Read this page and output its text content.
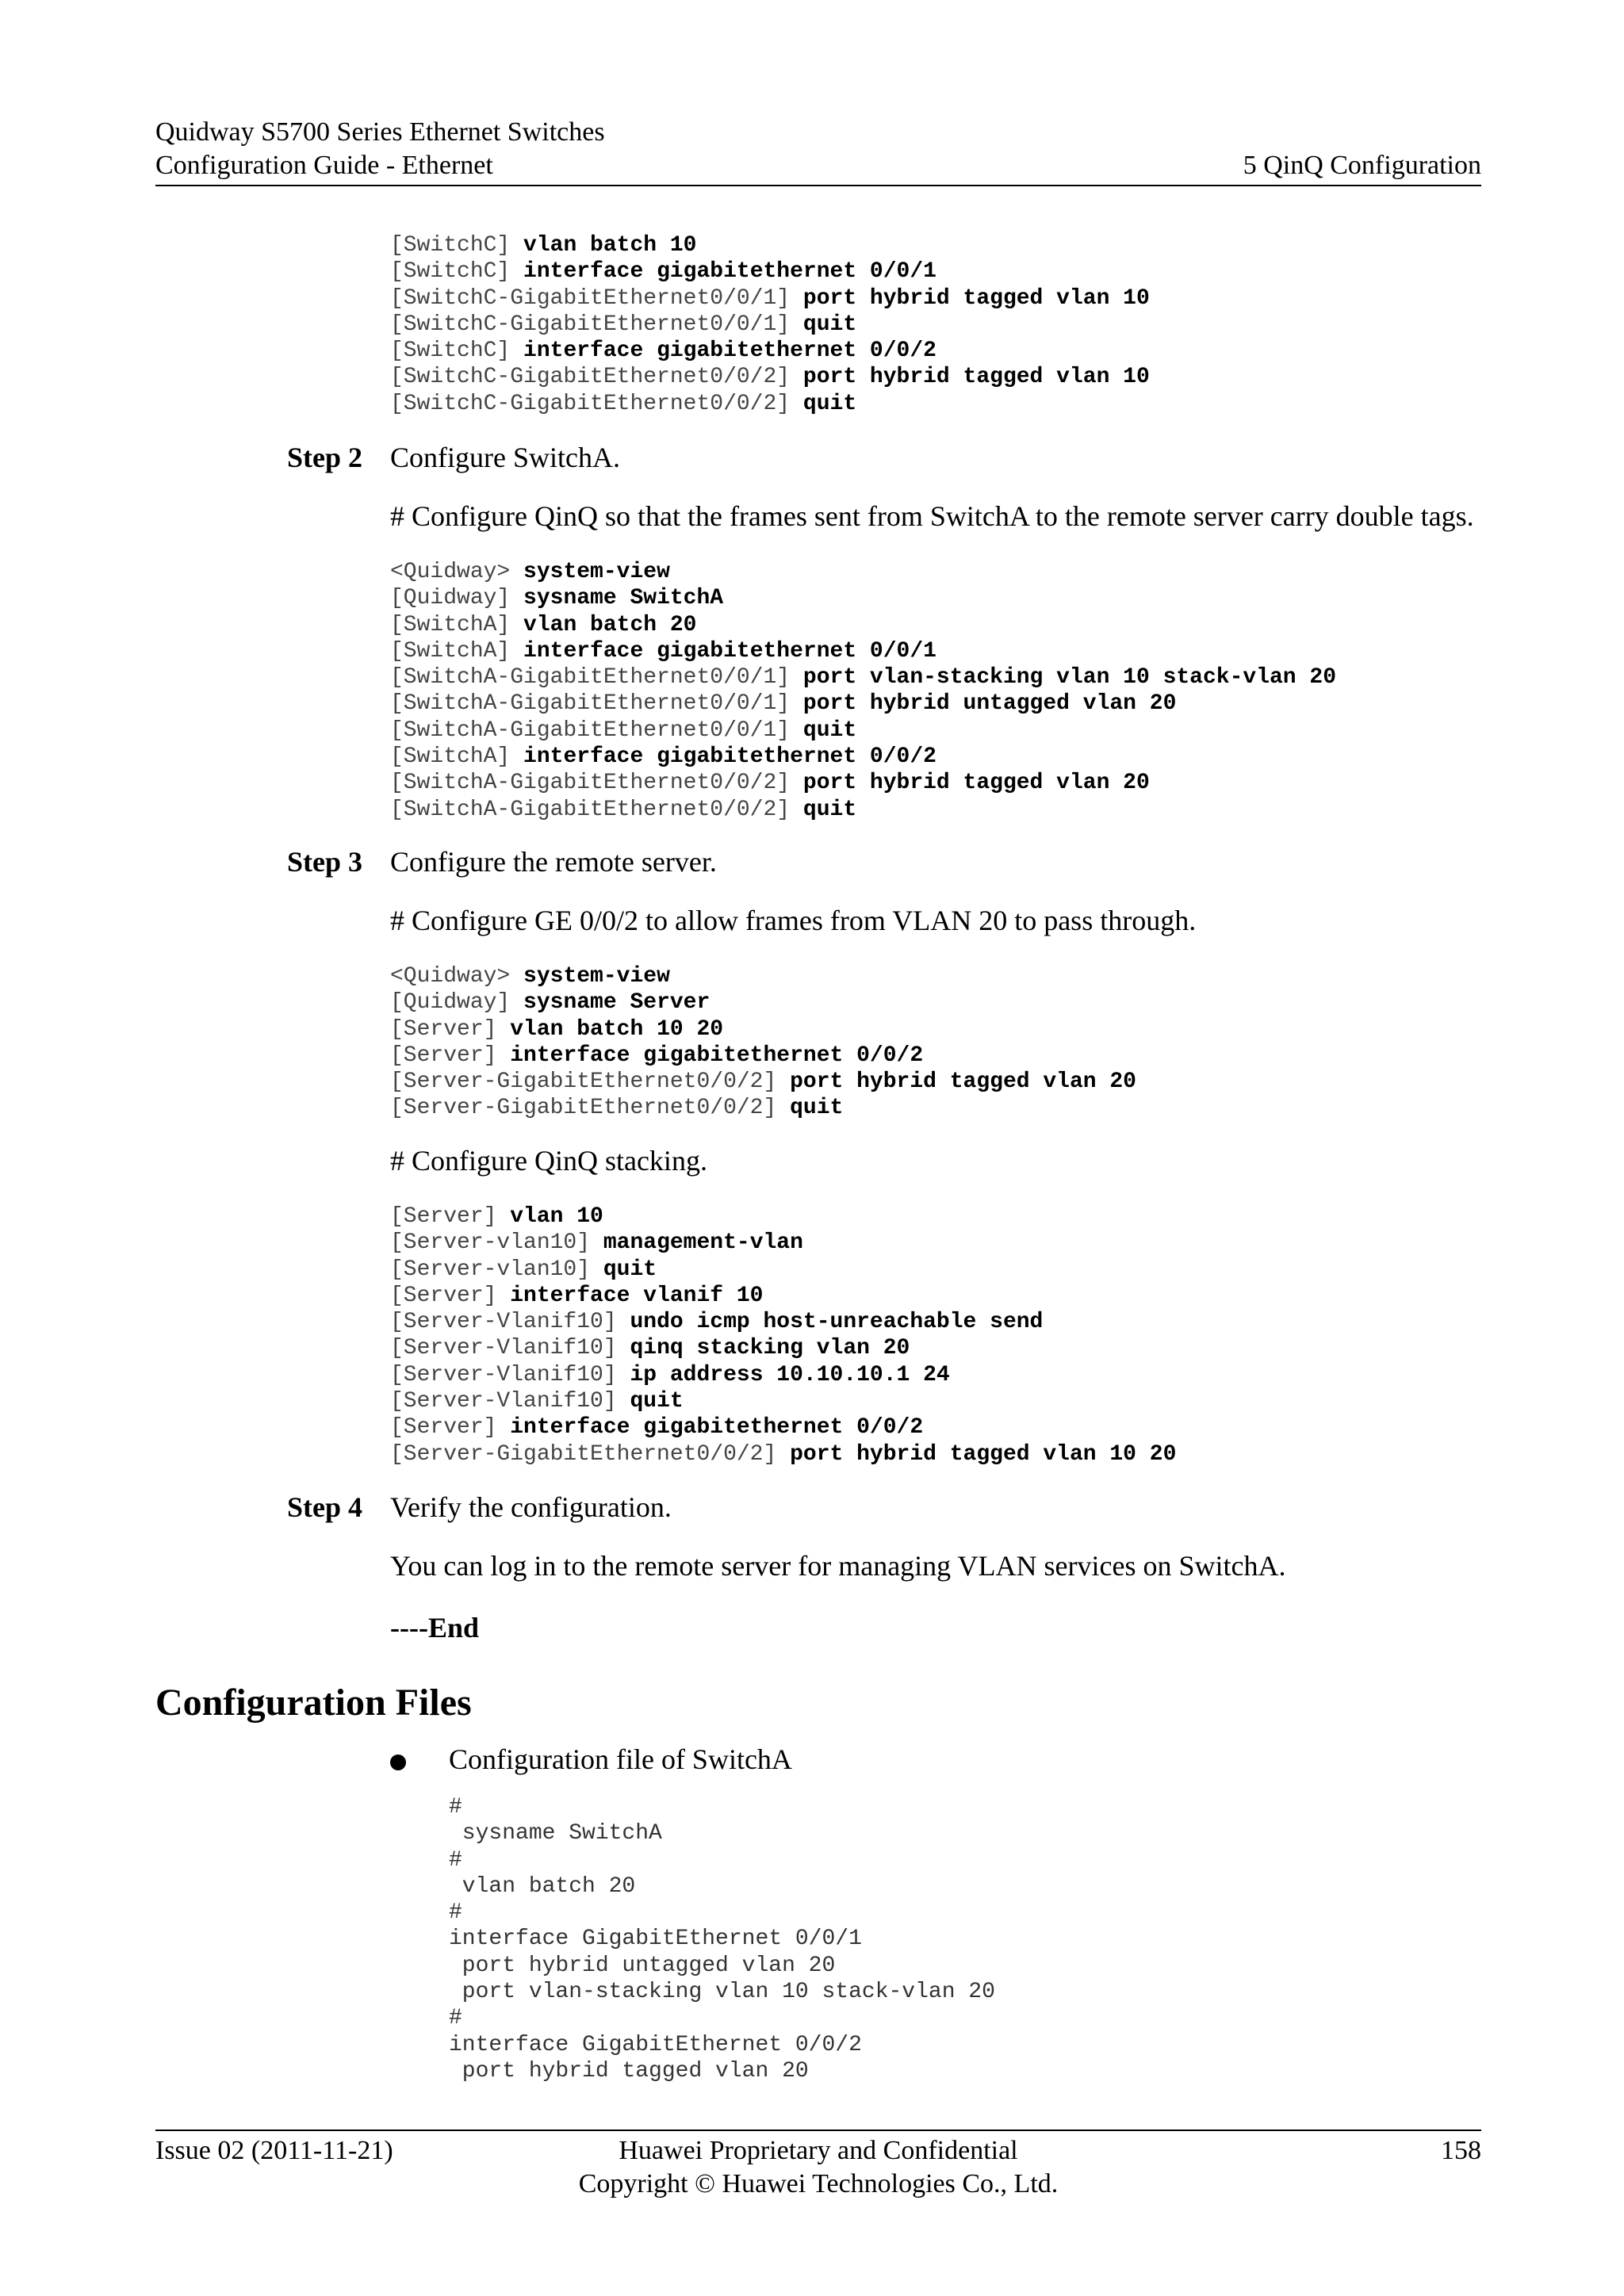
Quidway S5700 Series Ethernet Switches
Configuration Guide - Ethernet	5 QinQ Configuration
[SwitchC] vlan batch 10
[SwitchC] interface gigabitethernet 0/0/1
[SwitchC-GigabitEthernet0/0/1] port hybrid tagged vlan 10
[SwitchC-GigabitEthernet0/0/1] quit
[SwitchC] interface gigabitethernet 0/0/2
[SwitchC-GigabitEthernet0/0/2] port hybrid tagged vlan 10
[SwitchC-GigabitEthernet0/0/2] quit
Step 2 Configure SwitchA.
# Configure QinQ so that the frames sent from SwitchA to the remote server carry double tags.
<Quidway> system-view
[Quidway] sysname SwitchA
[SwitchA] vlan batch 20
[SwitchA] interface gigabitethernet 0/0/1
[SwitchA-GigabitEthernet0/0/1] port vlan-stacking vlan 10 stack-vlan 20
[SwitchA-GigabitEthernet0/0/1] port hybrid untagged vlan 20
[SwitchA-GigabitEthernet0/0/1] quit
[SwitchA] interface gigabitethernet 0/0/2
[SwitchA-GigabitEthernet0/0/2] port hybrid tagged vlan 20
[SwitchA-GigabitEthernet0/0/2] quit
Step 3 Configure the remote server.
# Configure GE 0/0/2 to allow frames from VLAN 20 to pass through.
<Quidway> system-view
[Quidway] sysname Server
[Server] vlan batch 10 20
[Server] interface gigabitethernet 0/0/2
[Server-GigabitEthernet0/0/2] port hybrid tagged vlan 20
[Server-GigabitEthernet0/0/2] quit
# Configure QinQ stacking.
[Server] vlan 10
[Server-vlan10] management-vlan
[Server-vlan10] quit
[Server] interface vlanif 10
[Server-Vlanif10] undo icmp host-unreachable send
[Server-Vlanif10] qinq stacking vlan 20
[Server-Vlanif10] ip address 10.10.10.1 24
[Server-Vlanif10] quit
[Server] interface gigabitethernet 0/0/2
[Server-GigabitEthernet0/0/2] port hybrid tagged vlan 10 20
Step 4 Verify the configuration.
You can log in to the remote server for managing VLAN services on SwitchA.
----End
Configuration Files
Configuration file of SwitchA
#
sysname SwitchA
#
vlan batch 20
#
interface GigabitEthernet 0/0/1
port hybrid untagged vlan 20
port vlan-stacking vlan 10 stack-vlan 20
#
interface GigabitEthernet 0/0/2
port hybrid tagged vlan 20
Issue 02 (2011-11-21)	Huawei Proprietary and Confidential	158
Copyright © Huawei Technologies Co., Ltd.
